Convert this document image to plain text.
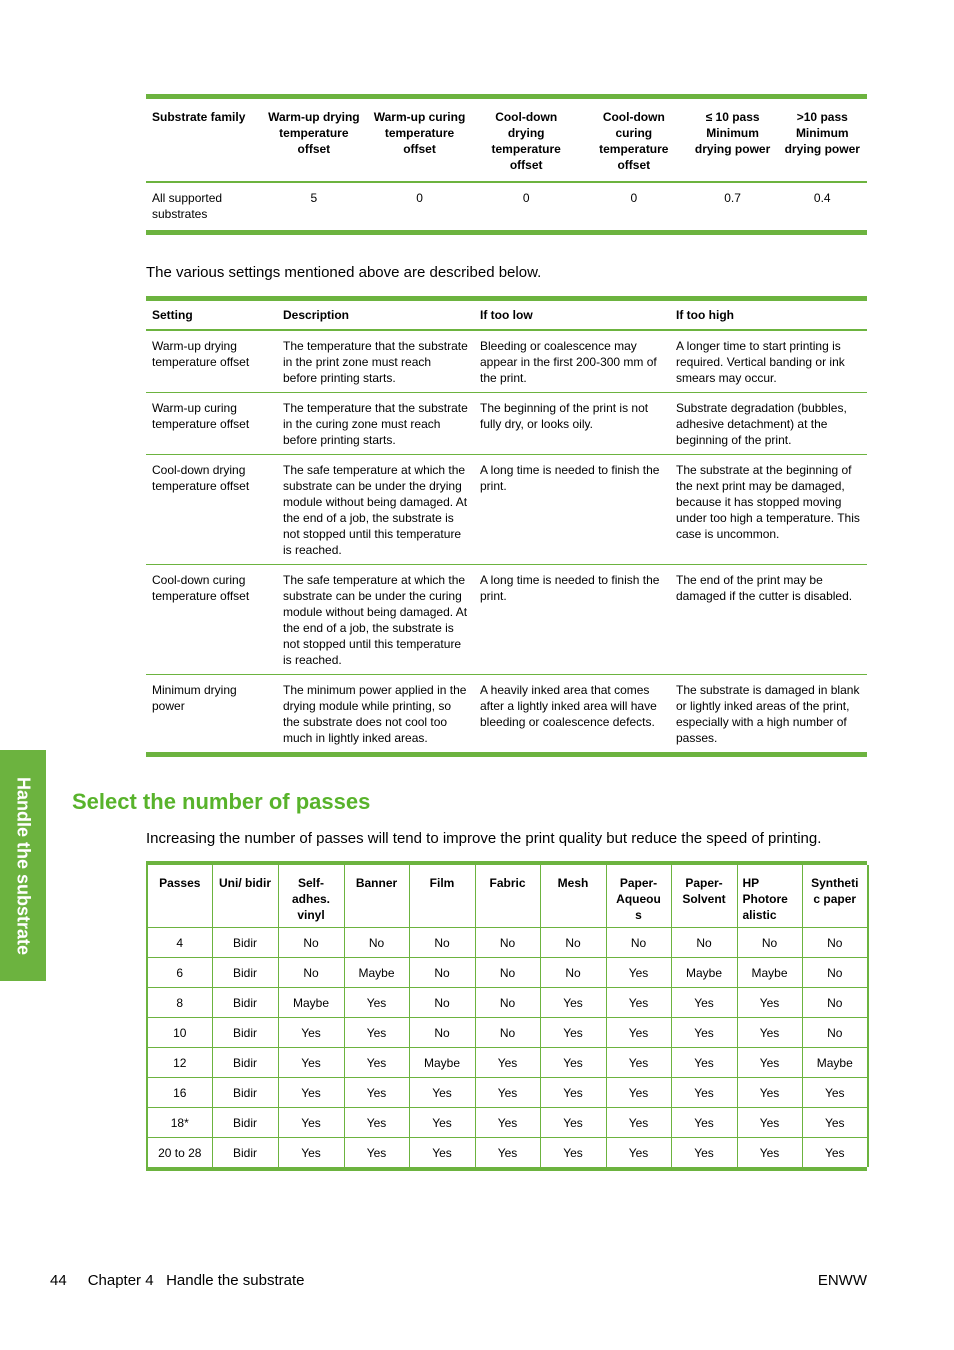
Substrate family	Warm-up drying temperature offset	Warm-up curing temperature offset	Cool-down drying temperature offset	Cool-down curing temperature offset	≤ 10 pass Minimum drying power	>10 pass Minimum drying power
All supported substrates	5	0	0	0	0.7	0.4
The various settings mentioned above are described below.
Setting	Description	If too low	If too high
Warm-up drying temperature offset	The temperature that the substrate in the print zone must reach before printing starts.	Bleeding or coalescence may appear in the first 200-300 mm of the print.	A longer time to start printing is required. Vertical banding or ink smears may occur.
Warm-up curing temperature offset	The temperature that the substrate in the curing zone must reach before printing starts.	The beginning of the print is not fully dry, or looks oily.	Substrate degradation (bubbles, adhesive detachment) at the beginning of the print.
Cool-down drying temperature offset	The safe temperature at which the substrate can be under the drying module without being damaged. At the end of a job, the substrate is not stopped until this temperature is reached.	A long time is needed to finish the print.	The substrate at the beginning of the next print may be damaged, because it has stopped moving under too high a temperature. This case is uncommon.
Cool-down curing temperature offset	The safe temperature at which the substrate can be under the curing module without being damaged. At the end of a job, the substrate is not stopped until this temperature is reached.	A long time is needed to finish the print.	The end of the print may be damaged if the cutter is disabled.
Minimum drying power	The minimum power applied in the drying module while printing, so the substrate does not cool too much in lightly inked areas.	A heavily inked area that comes after a lightly inked area will have bleeding or coalescence defects.	The substrate is damaged in blank or lightly inked areas of the print, especially with a high number of passes.
Select the number of passes
Increasing the number of passes will tend to improve the print quality but reduce the speed of printing.
Passes	Uni/ bidir	Self- adhes. vinyl	Banner	Film	Fabric	Mesh	Paper- Aqueou s	Paper- Solvent	HP Photore alistic	Syntheti c paper
4	Bidir	No	No	No	No	No	No	No	No	No
6	Bidir	No	Maybe	No	No	No	Yes	Maybe	Maybe	No
8	Bidir	Maybe	Yes	No	No	Yes	Yes	Yes	Yes	No
10	Bidir	Yes	Yes	No	No	Yes	Yes	Yes	Yes	No
12	Bidir	Yes	Yes	Maybe	Yes	Yes	Yes	Yes	Yes	Maybe
16	Bidir	Yes	Yes	Yes	Yes	Yes	Yes	Yes	Yes	Yes
18*	Bidir	Yes	Yes	Yes	Yes	Yes	Yes	Yes	Yes	Yes
20 to 28	Bidir	Yes	Yes	Yes	Yes	Yes	Yes	Yes	Yes	Yes
Handle the substrate
44 Chapter 4   Handle the substrate	ENWW
